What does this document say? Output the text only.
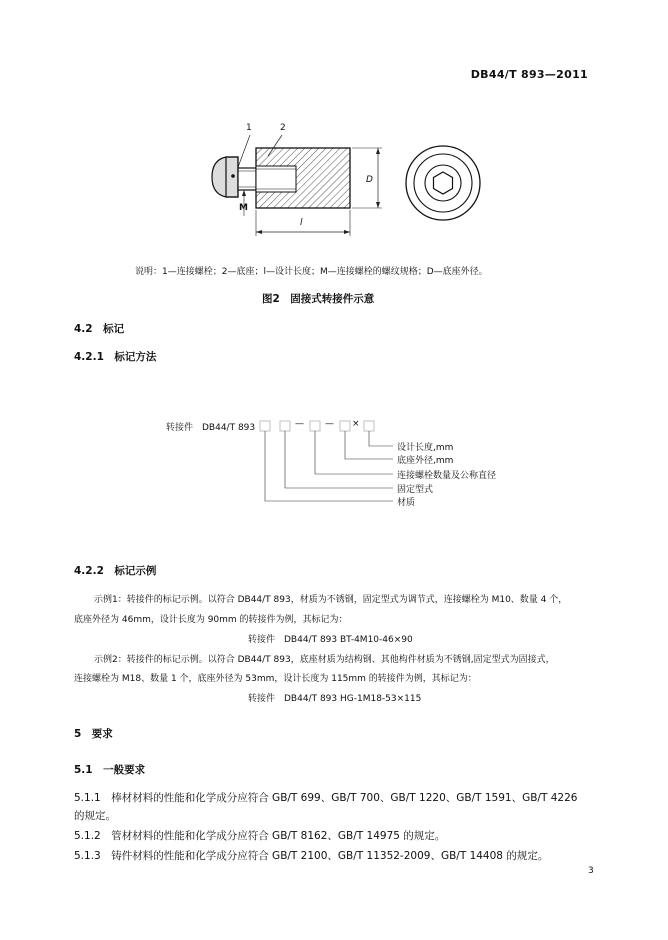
DB44/T 893—2011
1	2
M
D
l
说明：1—连接螺栓；2—底座；l—设计长度；M—连接螺栓的螺纹规格；D—底座外径。
图2　固接式转接件示意
4.2　标记
4.2.1　标记方法
转接件　DB44/T 893	— — ×
设计长度,mm
底座外径,mm
连接螺栓数量及公称直径
固定型式
材质
4.2.2　标记示例
示例1：转接件的标记示例。以符合 DB44/T 893，材质为不锈钢，固定型式为调节式，连接螺栓为 M10、数量 4 个，
底座外径为 46mm，设计长度为 90mm 的转接件为例，其标记为：
转接件　DB44/T 893 BT-4M10-46×90
示例2：转接件的标记示例。以符合 DB44/T 893，底座材质为结构钢、其他构件材质为不锈钢,固定型式为固接式，
连接螺栓为 M18、数量 1 个，底座外径为 53mm，设计长度为 115mm 的转接件为例，其标记为：
转接件　DB44/T 893 HG-1M18-53×115
5　要求
5.1　一般要求
5.1.1　棒材材料的性能和化学成分应符合 GB/T 699、GB/T 700、GB/T 1220、GB/T 1591、GB/T 4226
的规定。
5.1.2　管材材料的性能和化学成分应符合 GB/T 8162、GB/T 14975 的规定。
5.1.3　铸件材料的性能和化学成分应符合 GB/T 2100、GB/T 11352-2009、GB/T 14408 的规定。
3
